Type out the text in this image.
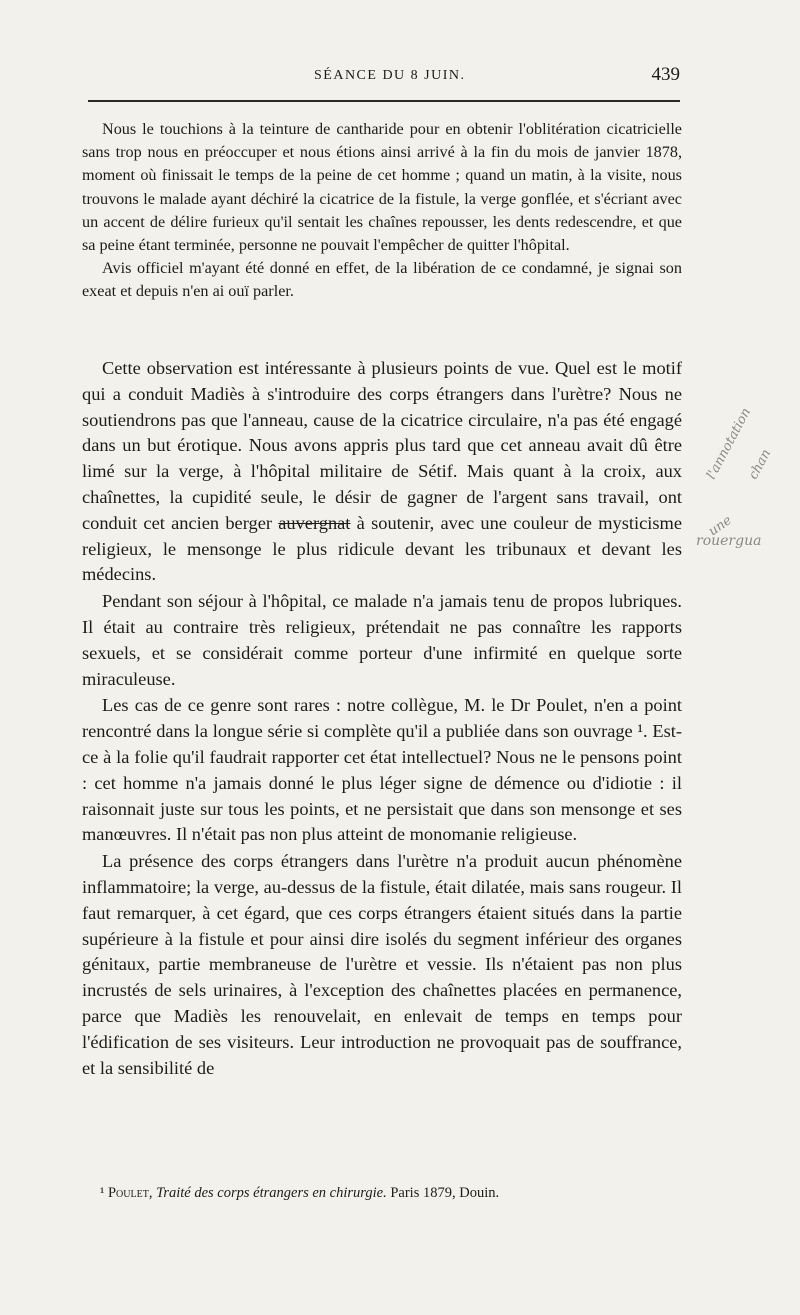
SÉANCE DU 8 JUIN.	439

Nous le touchions à la teinture de cantharide pour en obtenir l'oblitération cicatricielle sans trop nous en préoccuper et nous étions ainsi arrivé à la fin du mois de janvier 1878, moment où finissait le temps de la peine de cet homme ; quand un matin, à la visite, nous trouvons le malade ayant déchiré la cicatrice de la fistule, la verge gonflée, et s'écriant avec un accent de délire furieux qu'il sentait les chaînes repousser, les dents redescendre, et que sa peine étant terminée, personne ne pouvait l'empêcher de quitter l'hôpital.

Avis officiel m'ayant été donné en effet, de la libération de ce condamné, je signai son exeat et depuis n'en ai ouï parler.

Cette observation est intéressante à plusieurs points de vue. Quel est le motif qui a conduit Madiès à s'introduire des corps étrangers dans l'urètre? Nous ne soutiendrons pas que l'anneau, cause de la cicatrice circulaire, n'a pas été engagé dans un but érotique. Nous avons appris plus tard que cet anneau avait dû être limé sur la verge, à l'hôpital militaire de Sétif. Mais quant à la croix, aux chaînettes, la cupidité seule, le désir de gagner de l'argent sans travail, ont conduit cet ancien berger auvergnat à soutenir, avec une couleur de mysticisme religieux, le mensonge le plus ridicule devant les tribunaux et devant les médecins.

Pendant son séjour à l'hôpital, ce malade n'a jamais tenu de propos lubriques. Il était au contraire très religieux, prétendait ne pas connaître les rapports sexuels, et se considérait comme porteur d'une infirmité en quelque sorte miraculeuse.

Les cas de ce genre sont rares : notre collègue, M. le Dr Poulet, n'en a point rencontré dans la longue série si complète qu'il a publiée dans son ouvrage ¹. Est-ce à la folie qu'il faudrait rapporter cet état intellectuel? Nous ne le pensons point : cet homme n'a jamais donné le plus léger signe de démence ou d'idiotie : il raisonnait juste sur tous les points, et ne persistait que dans son mensonge et ses manœuvres. Il n'était pas non plus atteint de monomanie religieuse.

La présence des corps étrangers dans l'urètre n'a produit aucun phénomène inflammatoire; la verge, au-dessus de la fistule, était dilatée, mais sans rougeur. Il faut remarquer, à cet égard, que ces corps étrangers étaient situés dans la partie supérieure à la fistule et pour ainsi dire isolés du segment inférieur des organes génitaux, partie membraneuse de l'urètre et vessie. Ils n'étaient pas non plus incrustés de sels urinaires, à l'exception des chaînettes placées en permanence, parce que Madiès les renouvelait, en enlevait de temps en temps pour l'édification de ses visiteurs. Leur introduction ne provoquait pas de souffrance, et la sensibilité de

¹ Poulet, Traité des corps étrangers en chirurgie. Paris 1879, Douin.
l'annotation
chan
une
rouergua
